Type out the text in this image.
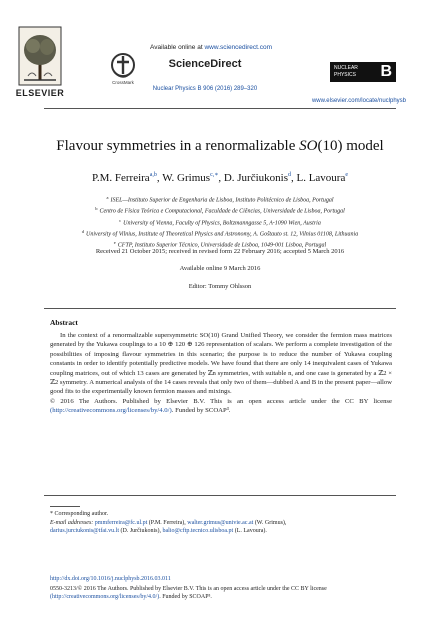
ELSEVIER
Available online at www.sciencedirect.com
CrossMark
ScienceDirect
Nuclear Physics B 906 (2016) 289–320
NUCLEAR
PHYSICS	B
www.elsevier.com/locate/nuclphysb
Flavour symmetries in a renormalizable SO(10) model
P.M. Ferreira$^{a,b}$, W. Grimus$^{c,∗}$, D. Jurčiukonis$^d$, L. Lavoura$^e$
$^a$ ISEL—Instituto Superior de Engenharia de Lisboa, Instituto Politécnico de Lisboa, Portugal
$^b$ Centro de Física Teórica e Computacional, Faculdade de Ciências, Universidade de Lisboa, Portugal
$^c$ University of Vienna, Faculty of Physics, Boltzmanngasse 5, A-1090 Wien, Austria
$^d$ University of Vilnius, Institute of Theoretical Physics and Astronomy, A. Goštauto st. 12, Vilnius 01108, Lithuania
$^e$ CFTP, Instituto Superior Técnico, Universidade de Lisboa, 1049-001 Lisboa, Portugal
Received 21 October 2015; received in revised form 22 February 2016; accepted 5 March 2016
Available online 9 March 2016
Editor: Tommy Ohlsson
Abstract

In the context of a renormalizable supersymmetric SO(10) Grand Unified Theory, we consider the fermion mass matrices generated by the Yukawa couplings to a 10 ⊕ 120 ⊕ 126 representation of scalars. We perform a complete investigation of the possibilities of imposing flavour symmetries in this scenario; the purpose is to reduce the number of Yukawa coupling constants in order to identify potentially predictive models. We have found that there are only 14 inequivalent cases of Yukawa coupling matrices, out of which 13 cases are generated by ℤn symmetries, with suitable n, and one case is generated by a ℤ2 × ℤ2 symmetry. A numerical analysis of the 14 cases reveals that only two of them—dubbed A and B in the present paper—allow good fits to the experimentally known fermion masses and mixings.

© 2016 The Authors. Published by Elsevier B.V. This is an open access article under the CC BY license (http://creativecommons.org/licenses/by/4.0/). Funded by SCOAP³.

* Corresponding author.
E-mail addresses: pmmferreira@fc.ul.pt (P.M. Ferreira), walter.grimus@univie.ac.at (W. Grimus),
darius.jurciukonis@tfai.vu.lt (D. Jurčiukonis), balio@cftp.tecnico.ulisboa.pt (L. Lavoura).
http://dx.doi.org/10.1016/j.nuclphysb.2016.03.011
0550-3213/© 2016 The Authors. Published by Elsevier B.V. This is an open access article under the CC BY license
(http://creativecommons.org/licenses/by/4.0/). Funded by SCOAP³.
